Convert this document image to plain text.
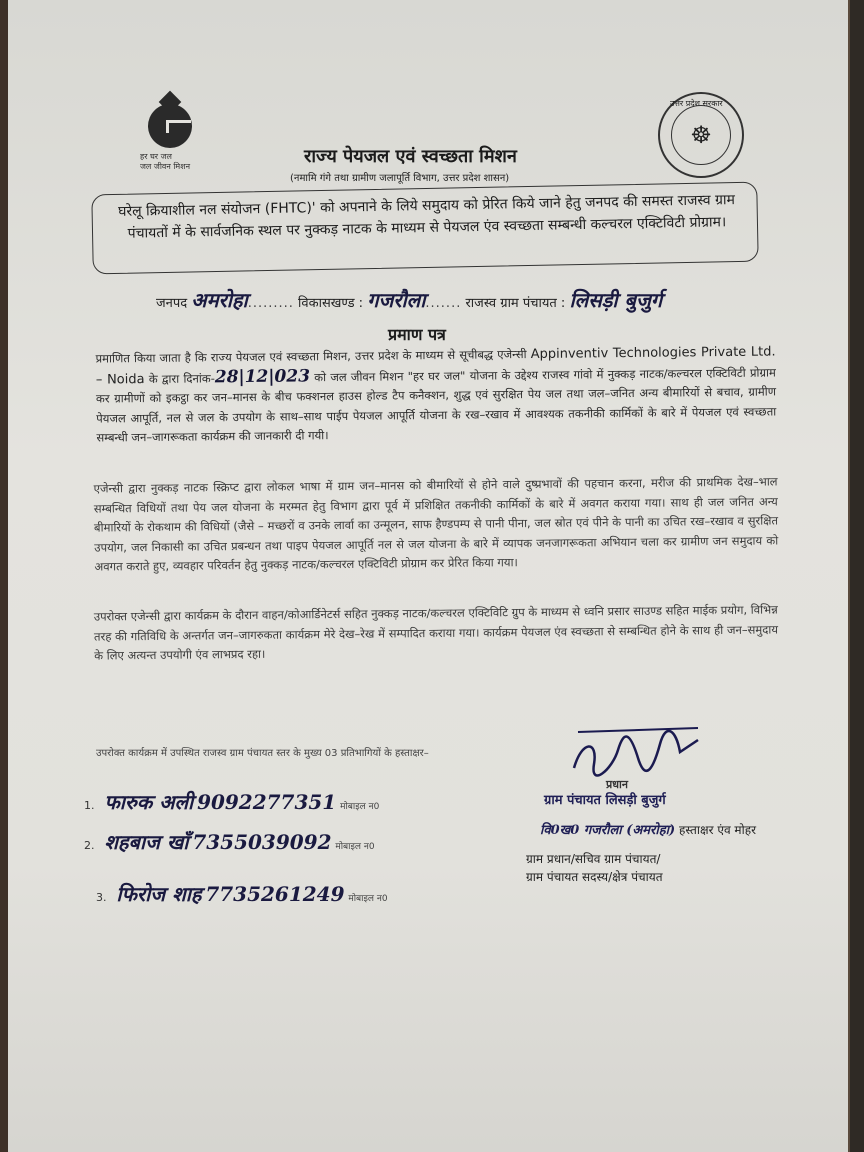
हर घर जल
जल जीवन मिशन
उत्तर प्रदेश सरकार
☸
राज्य पेयजल एवं स्वच्छता मिशन
(नमामि गंगे तथा ग्रामीण जलापूर्ति विभाग, उत्तर प्रदेश शासन)
घरेलू क्रियाशील नल संयोजन (FHTC)' को अपनाने के लिये समुदाय को प्रेरित किये जाने हेतु जनपद की समस्त राजस्व ग्राम पंचायतों में के सार्वजनिक स्थल पर नुक्कड़ नाटक के माध्यम से पेयजल एंव स्वच्छता सम्बन्धी कल्चरल एक्टिविटी प्रोग्राम।
जनपद अमरोहा......... विकासखण्ड : गजरौला....... राजस्व ग्राम पंचायत : लिसड़ी बुजुर्ग
प्रमाण पत्र
प्रमाणित किया जाता है कि राज्य पेयजल एवं स्वच्छता मिशन, उत्तर प्रदेश के माध्यम से सूचीबद्ध एजेन्सी Appinventiv Technologies Private Ltd. – Noida के द्वारा दिनांक-28|12|023 को जल जीवन मिशन "हर घर जल" योजना के उद्देश्य राजस्व गांवो में नुक्कड़ नाटक/कल्चरल एक्टिविटी प्रोग्राम कर ग्रामीणों को इकट्ठा कर जन–मानस के बीच फक्शनल हाउस होल्ड टैप कनैक्शन, शुद्ध एवं सुरक्षित पेय जल तथा जल–जनित अन्य बीमारियों से बचाव, ग्रामीण पेयजल आपूर्ति, नल से जल के उपयोग के साथ–साथ पाईप पेयजल आपूर्ति योजना के रख–रखाव में आवश्यक तकनीकी कार्मिकों के बारे में पेयजल एवं स्वच्छता सम्बन्धी जन–जागरूकता कार्यक्रम की जानकारी दी गयी।
एजेन्सी द्वारा नुक्कड़ नाटक स्क्रिप्ट द्वारा लोकल भाषा में ग्राम जन–मानस को बीमारियों से होने वाले दुष्प्रभावों की पहचान करना, मरीज की प्राथमिक देख–भाल सम्बन्धित विधियों तथा पेय जल योजना के मरम्मत हेतु विभाग द्वारा पूर्व में प्रशिक्षित तकनीकी कार्मिकों के बारे में अवगत कराया गया। साथ ही जल जनित अन्य बीमारियों के रोकथाम की विधियों (जैसे – मच्छरों व उनके लार्वा का उन्मूलन, साफ हैण्डपम्प से पानी पीना, जल स्रोत एवं पीने के पानी का उचित रख–रखाव व सुरक्षित उपयोग, जल निकासी का उचित प्रबन्धन तथा पाइप पेयजल आपूर्ति नल से जल योजना के बारे में व्यापक जनजागरूकता अभियान चला कर ग्रामीण जन समुदाय को अवगत कराते हुए, व्यवहार परिवर्तन हेतु नुक्कड़ नाटक/कल्चरल एक्टिविटी प्रोग्राम कर प्रेरित किया गया।
उपरोक्त एजेन्सी द्वारा कार्यक्रम के दौरान वाहन/कोआर्डिनेटर्स सहित नुक्कड़ नाटक/कल्चरल एक्टिविटि ग्रुप के माध्यम से ध्वनि प्रसार साउण्ड सहित माईक प्रयोग, विभिन्न तरह की गतिविधि के अन्तर्गत जन–जागरुकता कार्यक्रम मेरे देख–रेख में सम्पादित कराया गया। कार्यक्रम पेयजल एंव स्वच्छता से सम्बन्धित होने के साथ ही जन–समुदाय के लिए अत्यन्त उपयोगी एंव लाभप्रद रहा।
उपरोक्त कार्यक्रम में उपस्थित राजस्व ग्राम पंचायत स्तर के मुख्य 03 प्रतिभागियों के हस्ताक्षर–
1. फारुक अली 9092277351 मोबाइल न0
2. शहबाज खाँ 7355039092 मोबाइल न0
3. फिरोज शाह 7735261249 मोबाइल न0
प्रधान
ग्राम पंचायत लिसड़ी बुजुर्ग
वि0ख0 गजरौला (अमरोहा) हस्ताक्षर एंव मोहर
ग्राम प्रधान/सचिव ग्राम पंचायत/
ग्राम पंचायत सदस्य/क्षेत्र पंचायत
